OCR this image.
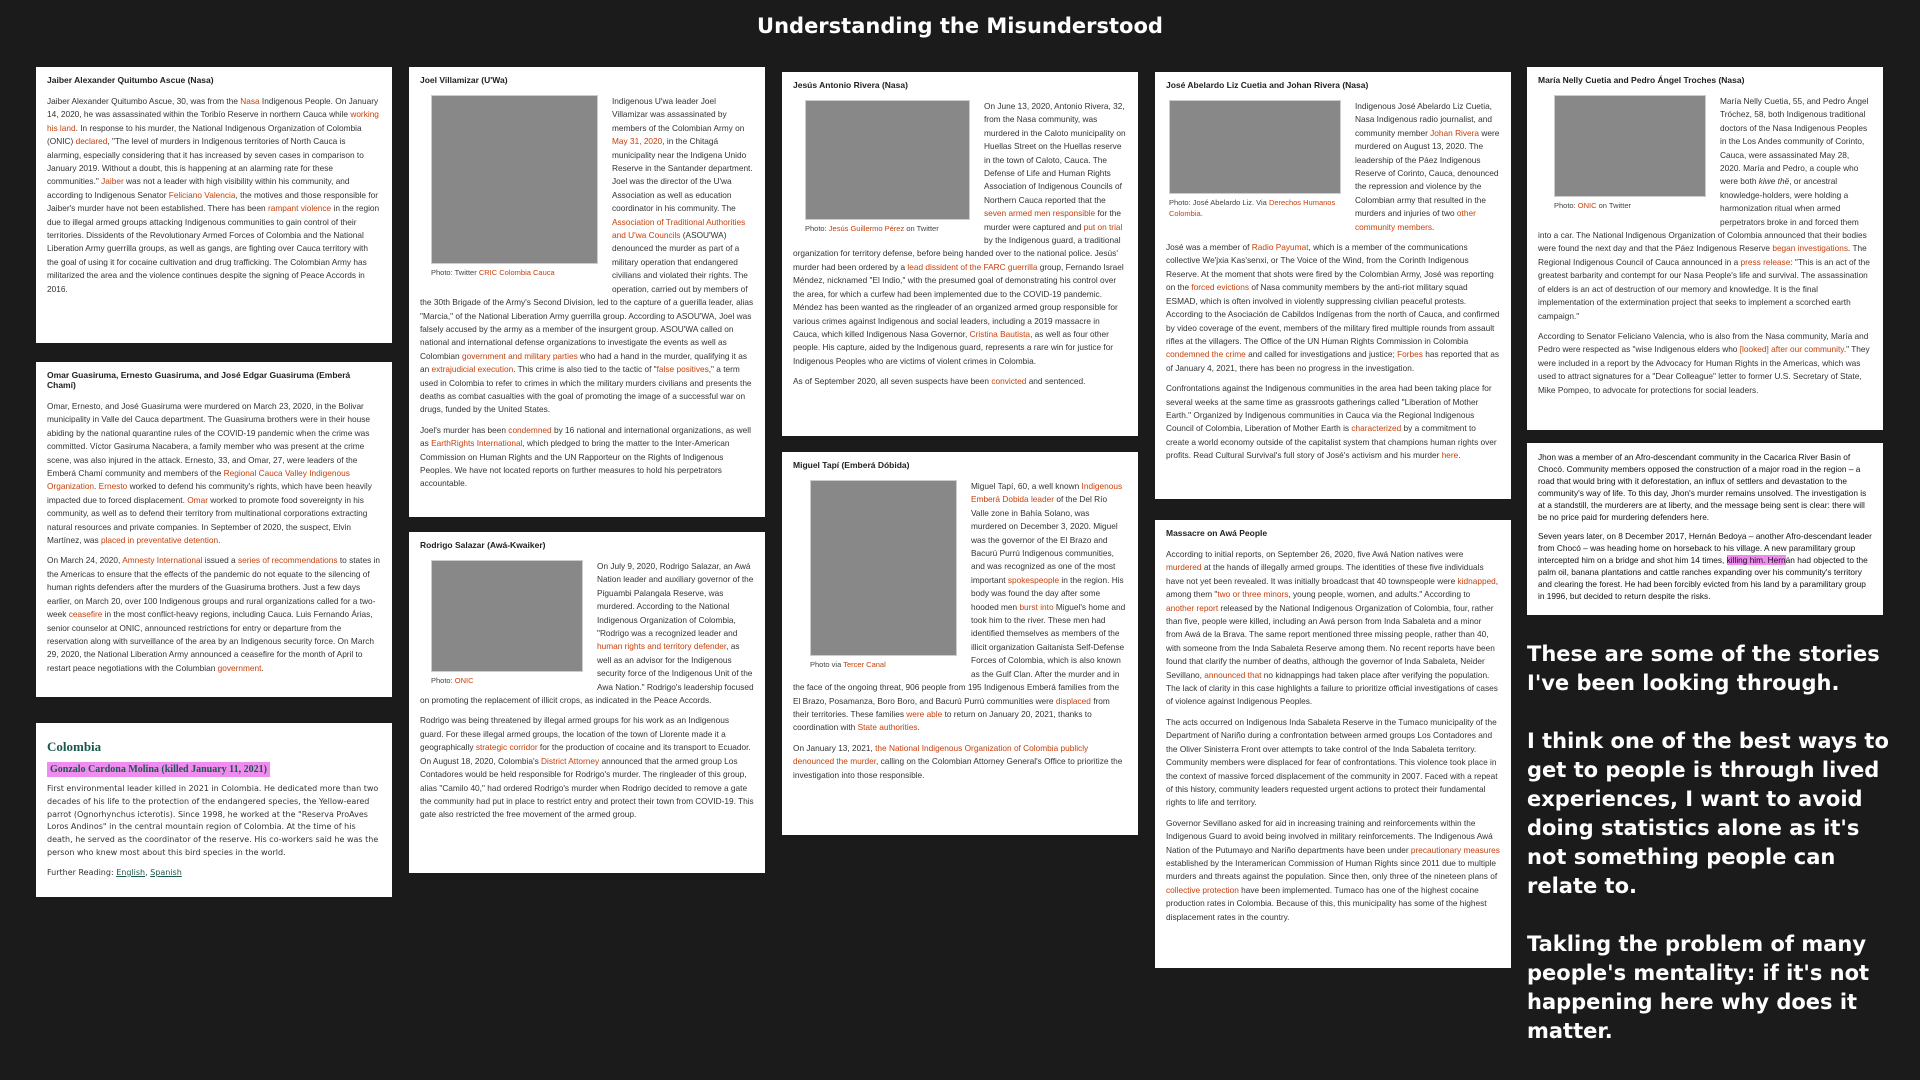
Understanding the Misunderstood
Jaiber Alexander Quitumbo Ascue (Nasa)

Jaiber Alexander Quitumbo Ascue, 30, was from the Nasa Indigenous People. On January 14, 2020, he was assassinated within the Toribío Reserve in northern Cauca while working his land. In response to his murder, the National Indigenous Organization of Colombia (ONIC) declared, "The level of murders in Indigenous territories of North Cauca is alarming, especially considering that it has increased by seven cases in comparison to January 2019. Without a doubt, this is happening at an alarming rate for these communities." Jaiber was not a leader with high visibility within his community, and according to Indigenous Senator Feliciano Valencia, the motives and those responsible for Jaiber's murder have not been established. There has been rampant violence in the region due to illegal armed groups attacking Indigenous communities to gain control of their territories. Dissidents of the Revolutionary Armed Forces of Colombia and the National Liberation Army guerrilla groups, as well as gangs, are fighting over Cauca territory with the goal of using it for cocaine cultivation and drug trafficking. The Colombian Army has militarized the area and the violence continues despite the signing of Peace Accords in 2016.

Omar Guasiruma, Ernesto Guasiruma, and José Edgar Guasiruma (Emberá Chamí)

Omar, Ernesto, and José Guasiruma were murdered on March 23, 2020, in the Bolivar municipality in Valle del Cauca department. The Guasiruma brothers were in their house abiding by the national quarantine rules of the COVID-19 pandemic when the crime was committed. Víctor Gasiruma Nacabera, a family member who was present at the crime scene, was also injured in the attack. Ernesto, 33, and Omar, 27, were leaders of the Emberá Chamí community and members of the Regional Cauca Valley Indigenous Organization. Ernesto worked to defend his community's rights, which have been heavily impacted due to forced displacement. Omar worked to promote food sovereignty in his community, as well as to defend their territory from multinational corporations extracting natural resources and private companies. In September of 2020, the suspect, Elvin Martínez, was placed in preventative detention.

On March 24, 2020, Amnesty International issued a series of recommendations to states in the Americas to ensure that the effects of the pandemic do not equate to the silencing of human rights defenders after the murders of the Guasiruma brothers. Just a few days earlier, on March 20, over 100 Indigenous groups and rural organizations called for a two-week ceasefire in the most conflict-heavy regions, including Cauca. Luis Fernando Árias, senior counselor at ONIC, announced restrictions for entry or departure from the reservation along with surveillance of the area by an Indigenous security force. On March 29, 2020, the National Liberation Army announced a ceasefire for the month of April to restart peace negotiations with the Columbian government.

Colombia
Gonzalo Cardona Molina (killed January 11, 2021)

First environmental leader killed in 2021 in Colombia. He dedicated more than two decades of his life to the protection of the endangered species, the Yellow-eared parrot (Ognorhynchus icterotis). Since 1998, he worked at the "Reserva ProAves Loros Andinos" in the central mountain region of Colombia. At the time of his death, he served as the coordinator of the reserve. His co-workers said he was the person who knew most about this bird species in the world.

Further Reading: English, Spanish

Joel Villamizar (U'Wa)
Photo: Twitter CRIC Colombia Cauca

Indigenous U'wa leader Joel Villamizar was assassinated by members of the Colombian Army on May 31, 2020, in the Chitagá municipality near the Indigena Unido Reserve in the Santander department. Joel was the director of the U'wa Association as well as education coordinator in his community. The Association of Traditional Authorities and U'wa Councils (ASOU'WA) denounced the murder as part of a military operation that endangered civilians and violated their rights. The operation, carried out by members of the 30th Brigade of the Army's Second Division, led to the capture of a guerilla leader, alias "Marcia," of the National Liberation Army guerrilla group. According to ASOU'WA, Joel was falsely accused by the army as a member of the insurgent group. ASOU'WA called on national and international defense organizations to investigate the events as well as Colombian government and military parties who had a hand in the murder, qualifying it as an extrajudicial execution. This crime is also tied to the tactic of "false positives," a term used in Colombia to refer to crimes in which the military murders civilians and presents the deaths as combat casualties with the goal of promoting the image of a successful war on drugs, funded by the United States.

Joel's murder has been condemned by 16 national and international organizations, as well as EarthRights International, which pledged to bring the matter to the Inter-American Commission on Human Rights and the UN Rapporteur on the Rights of Indigenous Peoples. We have not located reports on further measures to hold his perpetrators accountable.

Rodrigo Salazar (Awá-Kwaiker)
Photo: ONIC

On July 9, 2020, Rodrigo Salazar, an Awá Nation leader and auxiliary governor of the Piguambi Palangala Reserve, was murdered. According to the National Indigenous Organization of Colombia, "Rodrigo was a recognized leader and human rights and territory defender, as well as an advisor for the Indigenous security force of the Indigenous Unit of the Awa Nation." Rodrigo's leadership focused on promoting the replacement of illicit crops, as indicated in the Peace Accords.

Rodrigo was being threatened by illegal armed groups for his work as an Indigenous guard. For these illegal armed groups, the location of the town of Llorente made it a geographically strategic corridor for the production of cocaine and its transport to Ecuador. On August 18, 2020, Colombia's District Attorney announced that the armed group Los Contadores would be held responsible for Rodrigo's murder. The ringleader of this group, alias "Camilo 40," had ordered Rodrigo's murder when Rodrigo decided to remove a gate the community had put in place to restrict entry and protect their town from COVID-19. This gate also restricted the free movement of the armed group.

Jesús Antonio Rivera (Nasa)
Photo: Jesús Guillermo Pérez on Twitter

On June 13, 2020, Antonio Rivera, 32, from the Nasa community, was murdered in the Caloto municipality on Huellas Street on the Huellas reserve in the town of Caloto, Cauca. The Defense of Life and Human Rights Association of Indigenous Councils of Northern Cauca reported that the seven armed men responsible for the murder were captured and put on trial by the Indigenous guard, a traditional organization for territory defense, before being handed over to the national police. Jesús' murder had been ordered by a lead dissident of the FARC guerrilla group, Fernando Israel Méndez, nicknamed "El Indio," with the presumed goal of demonstrating his control over the area, for which a curfew had been implemented due to the COVID-19 pandemic. Méndez has been wanted as the ringleader of an organized armed group responsible for various crimes against Indigenous and social leaders, including a 2019 massacre in Cauca, which killed Indigenous Nasa Governor, Cristina Bautista, as well as four other people. His capture, aided by the Indigenous guard, represents a rare win for justice for Indigenous Peoples who are victims of violent crimes in Colombia.

As of September 2020, all seven suspects have been convicted and sentenced.

Miguel Tapí (Emberá Dóbida)
Photo via Tercer Canal

Miguel Tapí, 60, a well known Indigenous Emberá Dobida leader of the Del Río Valle zone in Bahía Solano, was murdered on December 3, 2020. Miguel was the governor of the El Brazo and Bacurú Purrú Indigenous communities, and was recognized as one of the most important spokespeople in the region. His body was found the day after some hooded men burst into Miguel's home and took him to the river. These men had identified themselves as members of the illicit organization Gaitanista Self-Defense Forces of Colombia, which is also known as the Gulf Clan. After the murder and in the face of the ongoing threat, 906 people from 195 Indigenous Emberá families from the El Brazo, Posamanza, Boro Boro, and Bacurú Purrú communities were displaced from their territories. These families were able to return on January 20, 2021, thanks to coordination with State authorities.

On January 13, 2021, the National Indigenous Organization of Colombia publicly denounced the murder, calling on the Colombian Attorney General's Office to prioritize the investigation into those responsible.

José Abelardo Liz Cuetia and Johan Rivera (Nasa)
Photo: José Abelardo Liz. Via Derechos Humanos Colombia.

Indigenous José Abelardo Liz Cuetia, Nasa Indigenous radio journalist, and community member Johan Rivera were murdered on August 13, 2020. The leadership of the Páez Indigenous Reserve of Corinto, Cauca, denounced the repression and violence by the Colombian army that resulted in the murders and injuries of two other community members.

José was a member of Radio Payumat, which is a member of the communications collective We'jxia Kas'senxi, or The Voice of the Wind, from the Corinth Indigenous Reserve. At the moment that shots were fired by the Colombian Army, José was reporting on the forced evictions of Nasa community members by the anti-riot military squad ESMAD, which is often involved in violently suppressing civilian peaceful protests. According to the Asociación de Cabildos Indígenas from the north of Cauca, and confirmed by video coverage of the event, members of the military fired multiple rounds from assault rifles at the villagers. The Office of the UN Human Rights Commission in Colombia condemned the crime and called for investigations and justice; Forbes has reported that as of January 4, 2021, there has been no progress in the investigation.

Confrontations against the Indigenous communities in the area had been taking place for several weeks at the same time as grassroots gatherings called "Liberation of Mother Earth." Organized by Indigenous communities in Cauca via the Regional Indigenous Council of Colombia, Liberation of Mother Earth is characterized by a commitment to create a world economy outside of the capitalist system that champions human rights over profits. Read Cultural Survival's full story of José's activism and his murder here.

Massacre on Awá People

According to initial reports, on September 26, 2020, five Awá Nation natives were murdered at the hands of illegally armed groups. The identities of these five individuals have not yet been revealed. It was initially broadcast that 40 townspeople were kidnapped, among them "two or three minors, young people, women, and adults." According to another report released by the National Indigenous Organization of Colombia, four, rather than five, people were killed, including an Awá person from Inda Sabaleta and a minor from Awá de la Brava. The same report mentioned three missing people, rather than 40, with someone from the Inda Sabaleta Reserve among them. No recent reports have been found that clarify the number of deaths, although the governor of Inda Sabaleta, Neider Sevillano, announced that no kidnappings had taken place after verifying the population. The lack of clarity in this case highlights a failure to prioritize official investigations of cases of violence against Indigenous Peoples.

The acts occurred on Indigenous Inda Sabaleta Reserve in the Tumaco municipality of the Department of Nariño during a confrontation between armed groups Los Contadores and the Oliver Sinisterra Front over attempts to take control of the Inda Sabaleta territory. Community members were displaced for fear of confrontations. This violence took place in the context of massive forced displacement of the community in 2007. Faced with a repeat of this history, community leaders requested urgent actions to protect their fundamental rights to life and territory.

Governor Sevillano asked for aid in increasing training and reinforcements within the Indigenous Guard to avoid being involved in military reinforcements. The Indigenous Awá Nation of the Putumayo and Nariño departments have been under precautionary measures established by the Interamerican Commission of Human Rights since 2011 due to multiple murders and threats against the population. Since then, only three of the nineteen plans of collective protection have been implemented. Tumaco has one of the highest cocaine production rates in Colombia. Because of this, this municipality has some of the highest displacement rates in the country.

María Nelly Cuetia and Pedro Ángel Troches (Nasa)
Photo: ONIC on Twitter

María Nelly Cuetia, 55, and Pedro Ángel Tróchez, 58, both Indigenous traditional doctors of the Nasa Indigenous Peoples in the Los Andes community of Corinto, Cauca, were assassinated May 28, 2020. María and Pedro, a couple who were both kiwe thë, or ancestral knowledge-holders, were holding a harmonization ritual when armed perpetrators broke in and forced them into a car. The National Indigenous Organization of Colombia announced that their bodies were found the next day and that the Páez Indigenous Reserve began investigations. The Regional Indigenous Council of Cauca announced in a press release: "This is an act of the greatest barbarity and contempt for our Nasa People's life and survival. The assassination of elders is an act of destruction of our memory and knowledge. It is the final implementation of the extermination project that seeks to implement a scorched earth campaign."

According to Senator Feliciano Valencia, who is also from the Nasa community, María and Pedro were respected as "wise Indigenous elders who [looked] after our community." They were included in a report by the Advocacy for Human Rights in the Americas, which was used to attract signatures for a "Dear Colleague" letter to former U.S. Secretary of State, Mike Pompeo, to advocate for protections for social leaders.

Jhon was a member of an Afro-descendant community in the Cacarica River Basin of Chocó. Community members opposed the construction of a major road in the region – a road that would bring with it deforestation, an influx of settlers and devastation to the community's way of life. To this day, Jhon's murder remains unsolved. The investigation is at a standstill, the murderers are at liberty, and the message being sent is clear: there will be no price paid for murdering defenders here.

Seven years later, on 8 December 2017, Hernán Bedoya – another Afro-descendant leader from Chocó – was heading home on horseback to his village. A new paramilitary group intercepted him on a bridge and shot him 14 times, killing him. Hernán had objected to the palm oil, banana plantations and cattle ranches expanding over his community's territory and clearing the forest. He had been forcibly evicted from his land by a paramilitary group in 1996, but decided to return despite the risks.

These are some of the stories I've been looking through.

I think one of the best ways to get to people is through lived experiences, I want to avoid doing statistics alone as it's not something people can relate to.

Takling the problem of many people's mentality: if it's not happening here why does it matter.
